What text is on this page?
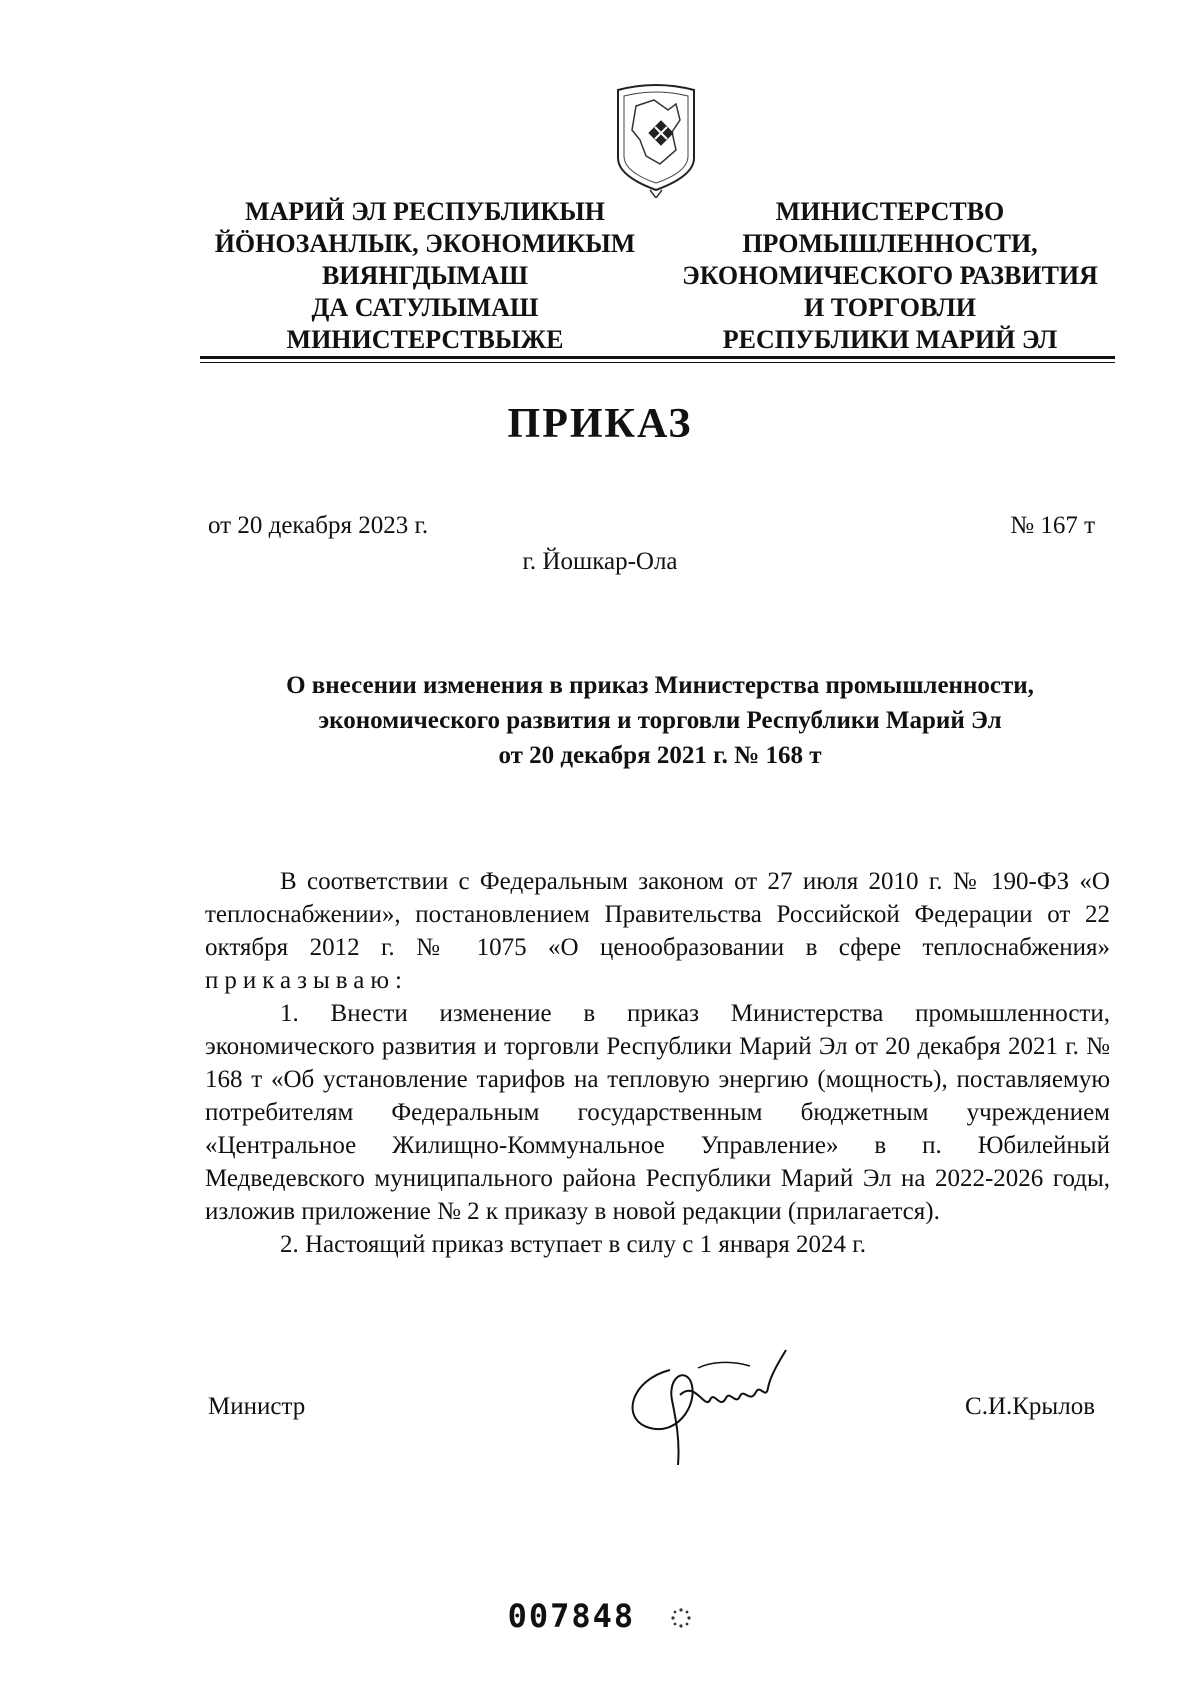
МАРИЙ ЭЛ РЕСПУБЛИКЫН
ЙӦНОЗАНЛЫК, ЭКОНОМИКЫМ
ВИЯНГДЫМАШ
ДА САТУЛЫМАШ
МИНИСТЕРСТВЫЖЕ
МИНИСТЕРСТВО
ПРОМЫШЛЕННОСТИ,
ЭКОНОМИЧЕСКОГО РАЗВИТИЯ
И ТОРГОВЛИ
РЕСПУБЛИКИ МАРИЙ ЭЛ
ПРИКАЗ
от 20 декабря 2023 г.	№ 167 т
г. Йошкар-Ола
О внесении изменения в приказ Министерства промышленности,
экономического развития и торговли Республики Марий Эл
от 20 декабря 2021 г. № 168 т

В соответствии с Федеральным законом от 27 июля 2010 г. № 190-ФЗ «О теплоснабжении», постановлением Правительства Российской Федерации от 22 октября 2012 г. № 1075 «О ценообразовании в сфере теплоснабжения» приказываю:

1. Внести изменение в приказ Министерства промышленности, экономического развития и торговли Республики Марий Эл от 20 декабря 2021 г. № 168 т «Об установление тарифов на тепловую энергию (мощность), поставляемую потребителям Федеральным государственным бюджетным учреждением «Центральное Жилищно-Коммунальное Управление» в п. Юбилейный Медведевского муниципального района Республики Марий Эл на 2022-2026 годы, изложив приложение № 2 к приказу в новой редакции (прилагается).

2. Настоящий приказ вступает в силу с 1 января 2024 г.

Министр	С.И.Крылов
007848
